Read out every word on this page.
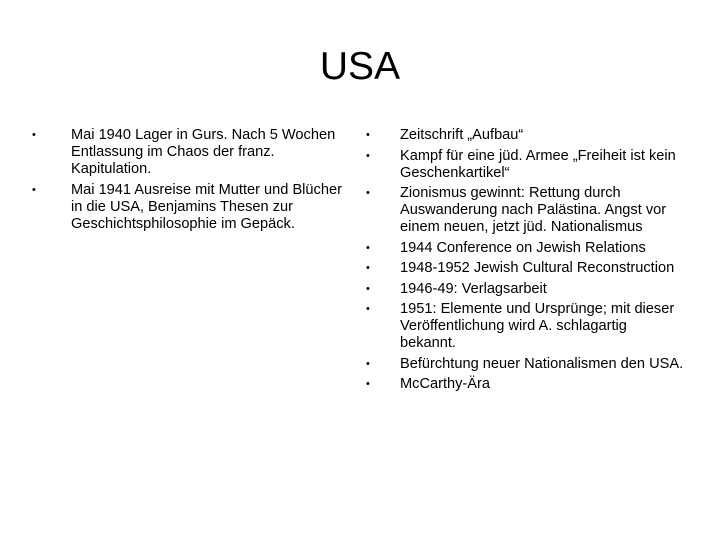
USA
•	Mai 1940 Lager in Gurs. Nach 5 Wochen Entlassung im Chaos der franz. Kapitulation.
•	Mai 1941 Ausreise mit Mutter und Blücher in die USA, Benjamins Thesen zur Geschichtsphilosophie im Gepäck.
•	Zeitschrift „Aufbau“
•	Kampf für eine jüd. Armee „Freiheit ist kein Geschenkartikel“
•	Zionismus gewinnt: Rettung durch Auswanderung nach Palästina. Angst vor einem neuen, jetzt jüd. Nationalismus
•	1944 Conference on Jewish Relations
•	1948-1952 Jewish Cultural Reconstruction
•	1946-49: Verlagsarbeit
•	1951: Elemente und Ursprünge; mit dieser Veröffentlichung wird A. schlagartig bekannt.
•	Befürchtung neuer Nationalismen den USA.
•	McCarthy-Ära
